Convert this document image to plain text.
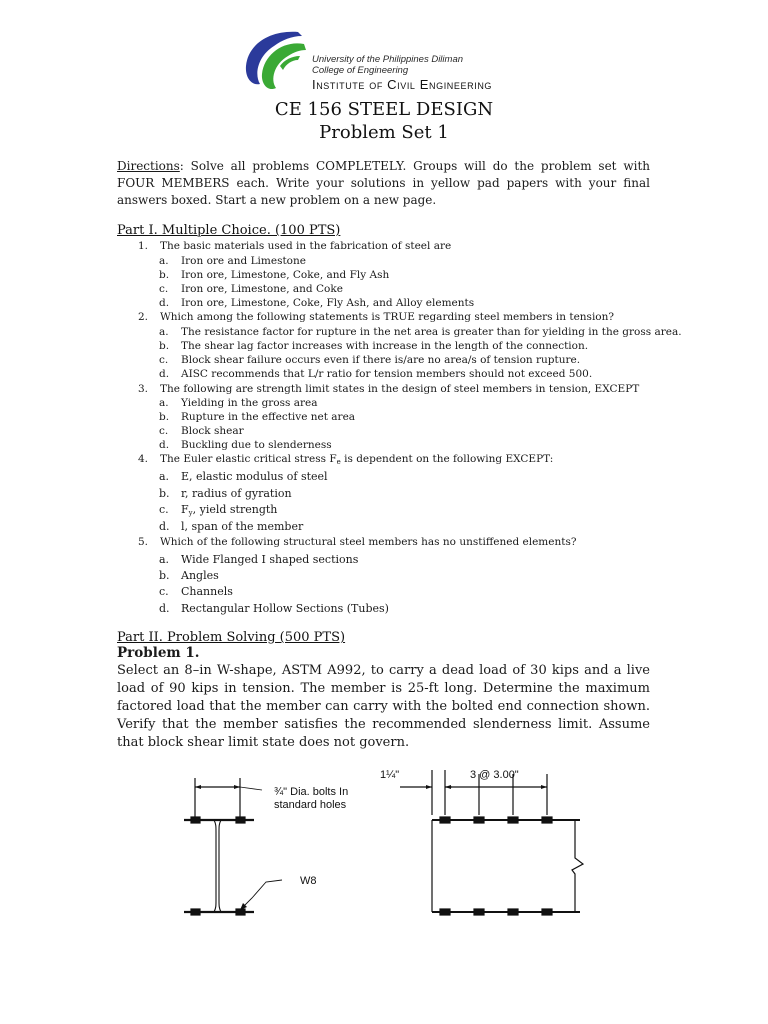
University of the Philippines Diliman
College of Engineering
Institute of Civil Engineering
CE 156 STEEL DESIGN
Problem Set 1
Directions: Solve all problems COMPLETELY. Groups will do the problem set with FOUR MEMBERS each. Write your solutions in yellow pad papers with your final answers boxed. Start a new problem on a new page.
Part I. Multiple Choice. (100 PTS)
1. The basic materials used in the fabrication of steel are
a. Iron ore and Limestone
b. Iron ore, Limestone, Coke, and Fly Ash
c. Iron ore, Limestone, and Coke
d. Iron ore, Limestone, Coke, Fly Ash, and Alloy elements
2. Which among the following statements is TRUE regarding steel members in tension?
a. The resistance factor for rupture in the net area is greater than for yielding in the gross area.
b. The shear lag factor increases with increase in the length of the connection.
c. Block shear failure occurs even if there is/are no area/s of tension rupture.
d. AISC recommends that L/r ratio for tension members should not exceed 500.
3. The following are strength limit states in the design of steel members in tension, EXCEPT
a. Yielding in the gross area
b. Rupture in the effective net area
c. Block shear
d. Buckling due to slenderness
4. The Euler elastic critical stress $F_e$ is dependent on the following EXCEPT:
a. E, elastic modulus of steel
b. r, radius of gyration
c. $F_y$, yield strength
d. l, span of the member
5. Which of the following structural steel members has no unstiffened elements?
a. Wide Flanged I shaped sections
b. Angles
c. Channels
d. Rectangular Hollow Sections (Tubes)
Part II. Problem Solving (500 PTS)
Problem 1.
Select an 8–in W-shape, ASTM A992, to carry a dead load of 30 kips and a live load of 90 kips in tension. The member is 25-ft long. Determine the maximum factored load that the member can carry with the bolted end connection shown. Verify that the member satisfies the recommended slenderness limit. Assume that block shear limit state does not govern.
¾" Dia. bolts In
standard holes
W8
1¼"	3 @ 3.00"
